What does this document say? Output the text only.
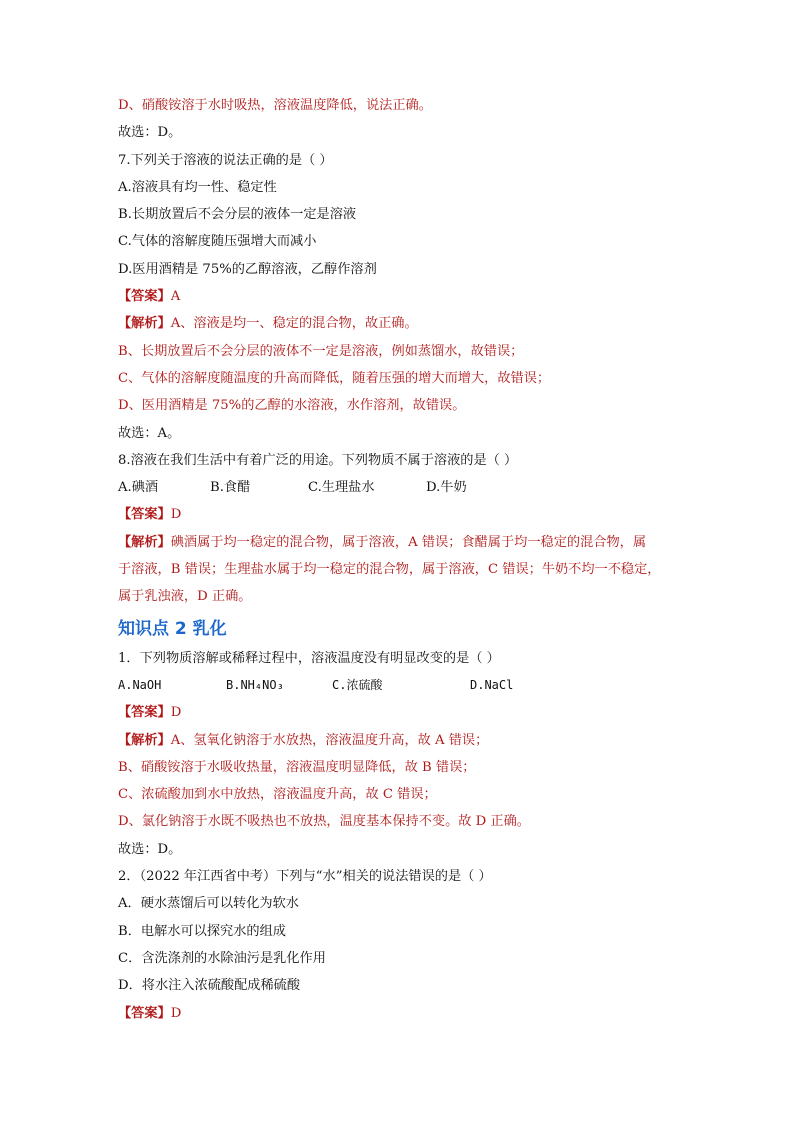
D、硝酸铵溶于水时吸热，溶液温度降低，说法正确。
故选：D。
7.下列关于溶液的说法正确的是（ ）
A.溶液具有均一性、稳定性
B.长期放置后不会分层的液体一定是溶液
C.气体的溶解度随压强增大而减小
D.医用酒精是 75%的乙醇溶液，乙醇作溶剂
【答案】A
【解析】A、溶液是均一、稳定的混合物，故正确。
B、长期放置后不会分层的液体不一定是溶液，例如蒸馏水，故错误；
C、气体的溶解度随温度的升高而降低，随着压强的增大而增大，故错误；
D、医用酒精是 75%的乙醇的水溶液，水作溶剂，故错误。
故选：A。
8.溶液在我们生活中有着广泛的用途。下列物质不属于溶液的是（ ）
A.碘酒	B.食醋	C.生理盐水	D.牛奶
【答案】D
【解析】碘酒属于均一稳定的混合物，属于溶液，A 错误；食醋属于均一稳定的混合物，属
于溶液，B 错误；生理盐水属于均一稳定的混合物，属于溶液，C 错误；牛奶不均一不稳定，
属于乳浊液，D 正确。
知识点 2 乳化
1．下列物质溶解或稀释过程中，溶液温度没有明显改变的是（ ）
A.NaOH	B.NH₄NO₃	C.浓硫酸	D.NaCl
【答案】D
【解析】A、氢氧化钠溶于水放热，溶液温度升高，故 A 错误；
B、硝酸铵溶于水吸收热量，溶液温度明显降低，故 B 错误；
C、浓硫酸加到水中放热，溶液温度升高，故 C 错误；
D、氯化钠溶于水既不吸热也不放热，温度基本保持不变。故 D 正确。
故选：D。
2．（2022 年江西省中考）下列与“水”相关的说法错误的是（ ）
A．硬水蒸馏后可以转化为软水
B．电解水可以探究水的组成
C．含洗涤剂的水除油污是乳化作用
D．将水注入浓硫酸配成稀硫酸
【答案】D
